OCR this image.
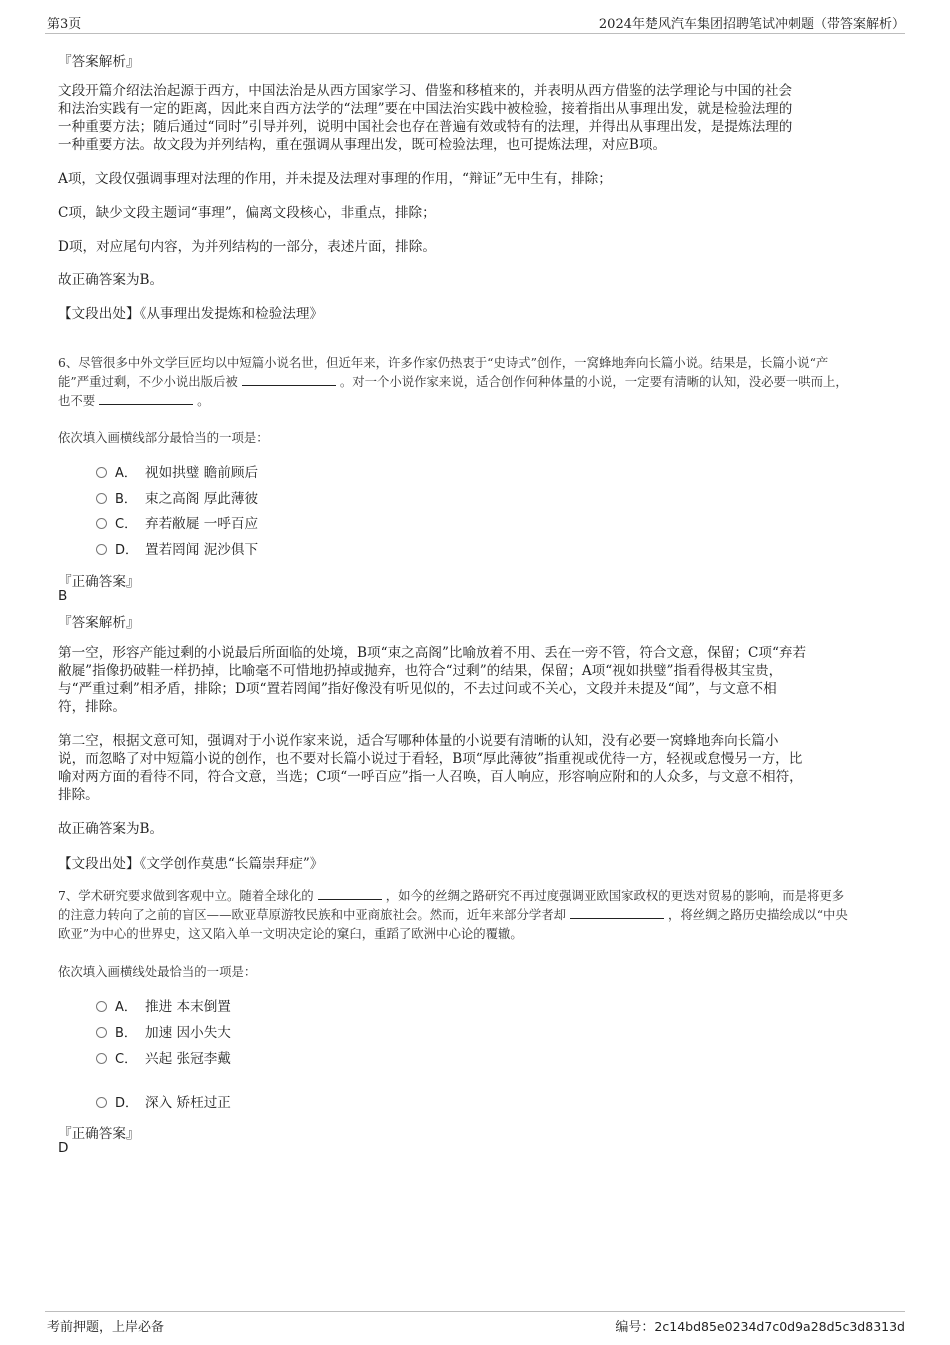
第3页	2024年楚风汽车集团招聘笔试冲刺题（带答案解析）
『答案解析』
文段开篇介绍法治起源于西方，中国法治是从西方国家学习、借鉴和移植来的，并表明从西方借鉴的法学理论与中国的社会
和法治实践有一定的距离，因此来自西方法学的“法理”要在中国法治实践中被检验，接着指出从事理出发，就是检验法理的
一种重要方法；随后通过“同时”引导并列，说明中国社会也存在普遍有效或特有的法理，并得出从事理出发，是提炼法理的
一种重要方法。故文段为并列结构，重在强调从事理出发，既可检验法理，也可提炼法理，对应B项。
A项，文段仅强调事理对法理的作用，并未提及法理对事理的作用，“辩证”无中生有，排除；
C项，缺少文段主题词“事理”，偏离文段核心，非重点，排除；
D项，对应尾句内容，为并列结构的一部分，表述片面，排除。
故正确答案为B。
【文段出处】《从事理出发提炼和检验法理》
6、尽管很多中外文学巨匠均以中短篇小说名世，但近年来，许多作家仍热衷于“史诗式”创作，一窝蜂地奔向长篇小说。结果是，长篇小说“产
能”严重过剩，不少小说出版后被	。对一个小说作家来说，适合创作何种体量的小说，一定要有清晰的认知，没必要一哄而上，
也不要	。
依次填入画横线部分最恰当的一项是：
A． 视如拱璧 瞻前顾后
B． 束之高阁 厚此薄彼
C． 弃若敝屣 一呼百应
D． 置若罔闻 泥沙俱下
『正确答案』
B
『答案解析』
第一空，形容产能过剩的小说最后所面临的处境，B项“束之高阁”比喻放着不用、丢在一旁不管，符合文意，保留；C项“弃若
敝屣”指像扔破鞋一样扔掉，比喻毫不可惜地扔掉或抛弃，也符合“过剩”的结果，保留；A项“视如拱璧”指看得极其宝贵，
与“严重过剩”相矛盾，排除；D项“置若罔闻”指好像没有听见似的，不去过问或不关心，文段并未提及“闻”，与文意不相
符，排除。
第二空，根据文意可知，强调对于小说作家来说，适合写哪种体量的小说要有清晰的认知，没有必要一窝蜂地奔向长篇小
说，而忽略了对中短篇小说的创作，也不要对长篇小说过于看轻，B项“厚此薄彼”指重视或优待一方，轻视或怠慢另一方，比
喻对两方面的看待不同，符合文意，当选；C项“一呼百应”指一人召唤，百人响应，形容响应附和的人众多，与文意不相符，
排除。
故正确答案为B。
【文段出处】《文学创作莫患“长篇崇拜症”》
7、学术研究要求做到客观中立。随着全球化的	，如今的丝绸之路研究不再过度强调亚欧国家政权的更迭对贸易的影响，而是将更多
的注意力转向了之前的盲区——欧亚草原游牧民族和中亚商旅社会。然而，近年来部分学者却	，将丝绸之路历史描绘成以“中央
欧亚”为中心的世界史，这又陷入单一文明决定论的窠臼，重蹈了欧洲中心论的覆辙。
依次填入画横线处最恰当的一项是：
A． 推进 本末倒置
B． 加速 因小失大
C． 兴起 张冠李戴
D． 深入 矫枉过正
『正确答案』
D
考前押题，上岸必备	编号：2c14bd85e0234d7c0d9a28d5c3d8313d
